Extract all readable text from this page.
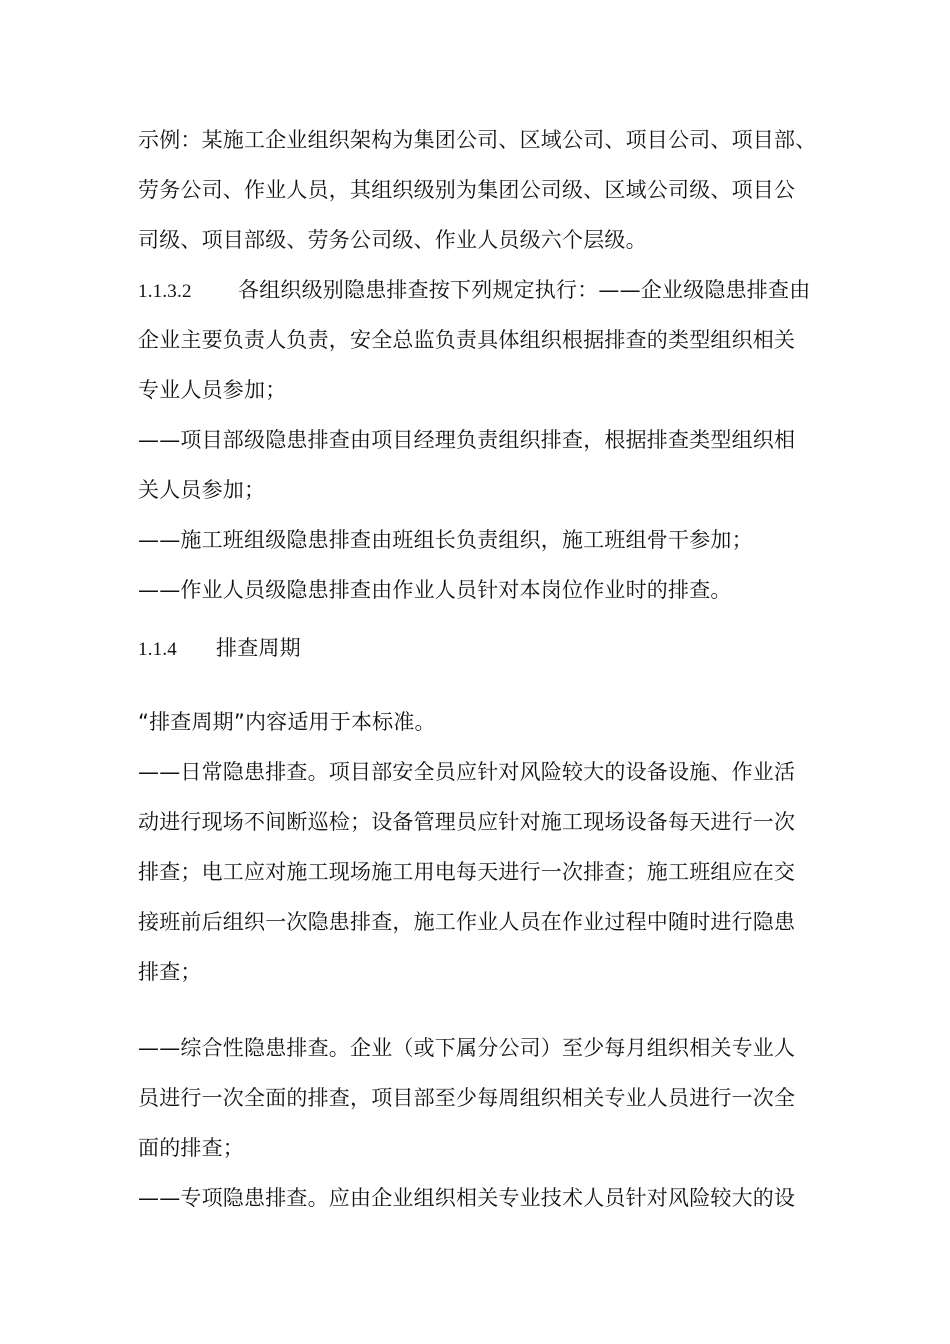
示例：某施工企业组织架构为集团公司、区域公司、项目公司、项目部、
劳务公司、作业人员，其组织级别为集团公司级、区域公司级、项目公
司级、项目部级、劳务公司级、作业人员级六个层级。
1.1.3.2 各组织级别隐患排查按下列规定执行：——企业级隐患排查由
企业主要负责人负责，安全总监负责具体组织根据排查的类型组织相关
专业人员参加；
——项目部级隐患排查由项目经理负责组织排查，根据排查类型组织相
关人员参加；
——施工班组级隐患排查由班组长负责组织，施工班组骨干参加；
——作业人员级隐患排查由作业人员针对本岗位作业时的排查。
1.1.4 排查周期
“排查周期”内容适用于本标准。
——日常隐患排查。项目部安全员应针对风险较大的设备设施、作业活
动进行现场不间断巡检；设备管理员应针对施工现场设备每天进行一次
排查；电工应对施工现场施工用电每天进行一次排查；施工班组应在交
接班前后组织一次隐患排查，施工作业人员在作业过程中随时进行隐患
排查；
——综合性隐患排查。企业（或下属分公司）至少每月组织相关专业人
员进行一次全面的排查，项目部至少每周组织相关专业人员进行一次全
面的排查；
——专项隐患排查。应由企业组织相关专业技术人员针对风险较大的设
